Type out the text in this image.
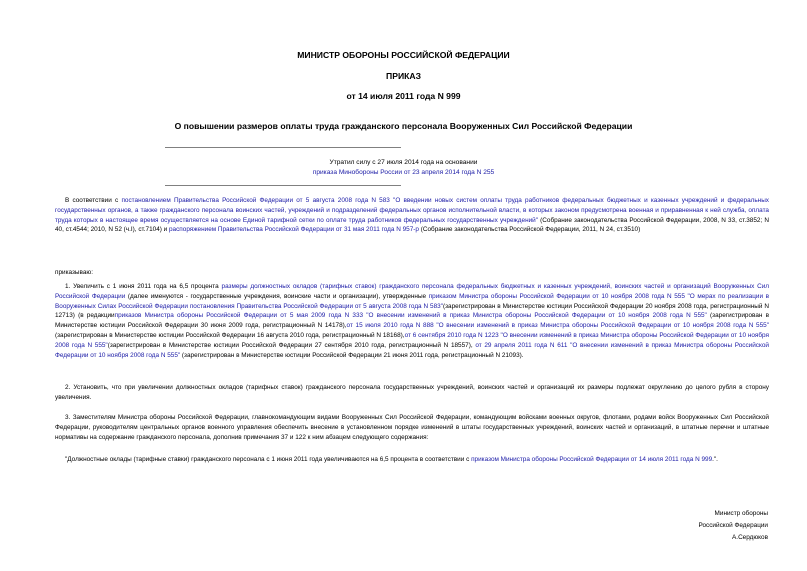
МИНИСТР ОБОРОНЫ РОССИЙСКОЙ ФЕДЕРАЦИИ
ПРИКАЗ
от 14 июля 2011 года N 999
О повышении размеров оплаты труда гражданского персонала Вооруженных Сил Российской Федерации
Утратил силу с 27 июля 2014 года на основании
приказа Минобороны России от 23 апреля 2014 года N 255
В соответствии с постановлением Правительства Российской Федерации от 5 августа 2008 года N 583 "О введении новых систем оплаты труда работников федеральных бюджетных и казенных учреждений и федеральных государственных органов, а также гражданского персонала воинских частей, учреждений и подразделений федеральных органов исполнительной власти, в которых законом предусмотрена военная и приравненная к ней служба, оплата труда которых в настоящее время осуществляется на основе Единой тарифной сетки по оплате труда работников федеральных государственных учреждений" (Собрание законодательства Российской Федерации, 2008, N 33, ст.3852; N 40, ст.4544; 2010, N 52 (ч.I), ст.7104) и распоряжением Правительства Российской Федерации от 31 мая 2011 года N 957-р (Собрание законодательства Российской Федерации, 2011, N 24, ст.3510)
приказываю:
1. Увеличить с 1 июня 2011 года на 6,5 процента размеры должностных окладов (тарифных ставок) гражданского персонала федеральных бюджетных и казенных учреждений, воинских частей и организаций Вооруженных Сил Российской Федерации (далее именуются - государственные учреждения, воинские части и организации), утвержденные приказом Министра обороны Российской Федерации от 10 ноября 2008 года N 555 "О мерах по реализации в Вооруженных Силах Российской Федерации постановления Правительства Российской Федерации от 5 августа 2008 года N 583"(зарегистрирован в Министерстве юстиции Российской Федерации 20 ноября 2008 года, регистрационный N 12713) (в редакцииприказов Министра обороны Российской Федерации от 5 мая 2009 года N 333 "О внесении изменений в приказ Министра обороны Российской Федерации от 10 ноября 2008 года N 555" (зарегистрирован в Министерстве юстиции Российской Федерации 30 июня 2009 года, регистрационный N 14178),от 15 июля 2010 года N 888 "О внесении изменений в приказ Министра обороны Российской Федерации от 10 ноября 2008 года N 555" (зарегистрирован в Министерстве юстиции Российской Федерации 16 августа 2010 года, регистрационный N 18168),от 6 сентября 2010 года N 1223 "О внесении изменений в приказ Министра обороны Российской Федерации от 10 ноября 2008 года N 555"(зарегистрирован в Министерстве юстиции Российской Федерации 27 сентября 2010 года, регистрационный N 18557), от 29 апреля 2011 года N 611 "О внесении изменений в приказ Министра обороны Российской Федерации от 10 ноября 2008 года N 555" (зарегистрирован в Министерстве юстиции Российской Федерации 21 июня 2011 года, регистрационный N 21093).
2. Установить, что при увеличении должностных окладов (тарифных ставок) гражданского персонала государственных учреждений, воинских частей и организаций их размеры подлежат округлению до целого рубля в сторону увеличения.
3. Заместителям Министра обороны Российской Федерации, главнокомандующим видами Вооруженных Сил Российской Федерации, командующим войсками военных округов, флотами, родами войск Вооруженных Сил Российской Федерации, руководителям центральных органов военного управления обеспечить внесение в установленном порядке изменений в штаты государственных учреждений, воинских частей и организаций, в штатные перечни и штатные нормативы на содержание гражданского персонала, дополнив примечания 37 и 122 к ним абзацем следующего содержания:
"Должностные оклады (тарифные ставки) гражданского персонала с 1 июня 2011 года увеличиваются на 6,5 процента в соответствии с приказом Министра обороны Российской Федерации от 14 июля 2011 года N 999.".
Министр обороны
Российской Федерации
А.Сердюков
